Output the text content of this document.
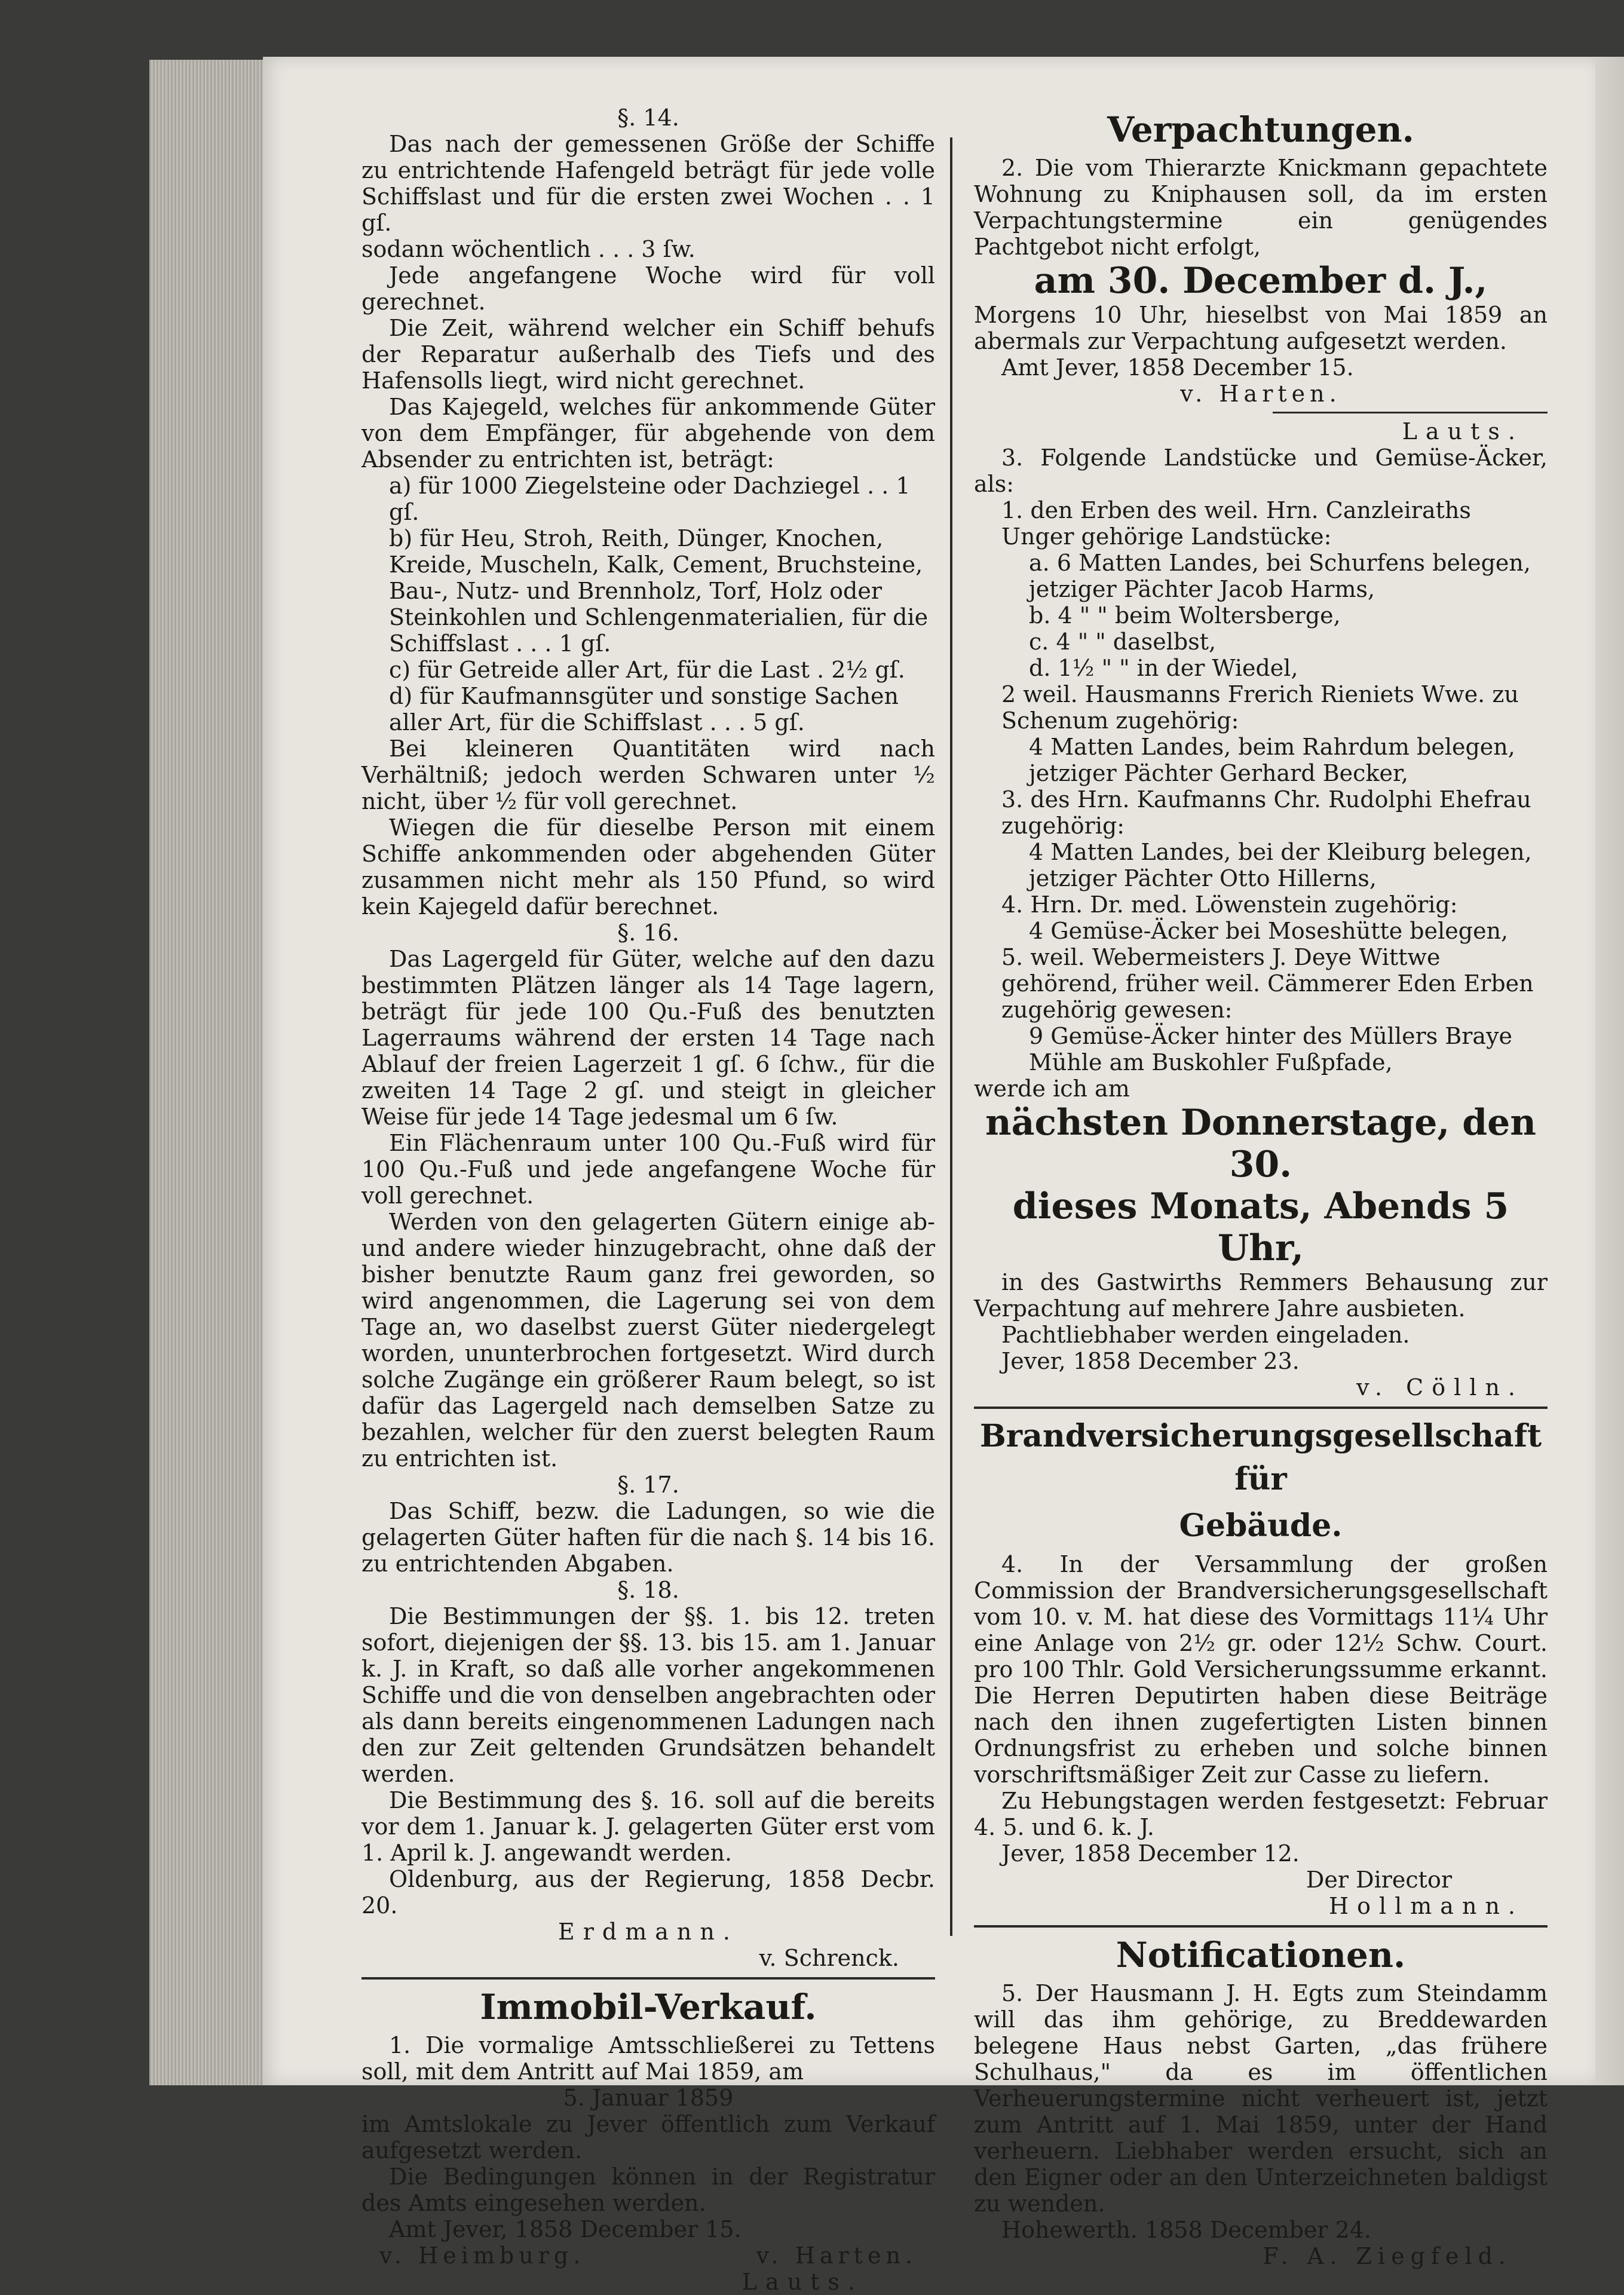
§. 14.

Das nach der gemessenen Größe der Schiffe zu entrichtende Hafengeld beträgt für jede volle Schiffslast und für die ersten zwei Wochen . . 1 gſ.

sodann wöchentlich . . . 3 ſw.

Jede angefangene Woche wird für voll gerechnet.

Die Zeit, während welcher ein Schiff behufs der Reparatur außerhalb des Tiefs und des Hafensolls liegt, wird nicht gerechnet.

Das Kajegeld, welches für ankommende Güter von dem Empfänger, für abgehende von dem Absender zu entrichten ist, beträgt:

a) für 1000 Ziegelsteine oder Dachziegel . . 1 gſ.
b) für Heu, Stroh, Reith, Dünger, Knochen, Kreide, Muscheln, Kalk, Cement, Bruchsteine, Bau-, Nutz- und Brennholz, Torf, Holz oder Steinkohlen und Schlengenmaterialien, für die Schiffslast . . . 1 gſ.
c) für Getreide aller Art, für die Last . 2½ gſ.
d) für Kaufmannsgüter und sonstige Sachen aller Art, für die Schiffslast . . . 5 gſ.

Bei kleineren Quantitäten wird nach Verhältniß; jedoch werden Schwaren unter ½ nicht, über ½ für voll gerechnet.

Wiegen die für dieselbe Person mit einem Schiffe ankommenden oder abgehenden Güter zusammen nicht mehr als 150 Pfund, so wird kein Kajegeld dafür berechnet.

§. 16.

Das Lagergeld für Güter, welche auf den dazu bestimmten Plätzen länger als 14 Tage lagern, beträgt für jede 100 Qu.-Fuß des benutzten Lagerraums während der ersten 14 Tage nach Ablauf der freien Lagerzeit 1 gſ. 6 ſchw., für die zweiten 14 Tage 2 gſ. und steigt in gleicher Weise für jede 14 Tage jedesmal um 6 ſw.

Ein Flächenraum unter 100 Qu.-Fuß wird für 100 Qu.-Fuß und jede angefangene Woche für voll gerechnet.

Werden von den gelagerten Gütern einige ab- und andere wieder hinzugebracht, ohne daß der bisher benutzte Raum ganz frei geworden, so wird angenommen, die Lagerung sei von dem Tage an, wo daselbst zuerst Güter niedergelegt worden, ununterbrochen fortgesetzt. Wird durch solche Zugänge ein größerer Raum belegt, so ist dafür das Lagergeld nach demselben Satze zu bezahlen, welcher für den zuerst belegten Raum zu entrichten ist.

§. 17.

Das Schiff, bezw. die Ladungen, so wie die gelagerten Güter haften für die nach §. 14 bis 16. zu entrichtenden Abgaben.

§. 18.

Die Bestimmungen der §§. 1. bis 12. treten sofort, diejenigen der §§. 13. bis 15. am 1. Januar k. J. in Kraft, so daß alle vorher angekommenen Schiffe und die von denselben angebrachten oder als dann bereits eingenommenen Ladungen nach den zur Zeit geltenden Grundsätzen behandelt werden.

Die Bestimmung des §. 16. soll auf die bereits vor dem 1. Januar k. J. gelagerten Güter erst vom 1. April k. J. angewandt werden.

Oldenburg, aus der Regierung, 1858 Decbr. 20.

Erdmann.

v. Schrenck.

Immobil-Verkauf.

1. Die vormalige Amtsschließerei zu Tettens soll, mit dem Antritt auf Mai 1859, am

5. Januar 1859

im Amtslokale zu Jever öffentlich zum Verkauf aufgesetzt werden.

Die Bedingungen können in der Registratur des Amts eingesehen werden.

Amt Jever, 1858 December 15.

v. Heimburg.	v. Harten.

Lauts.

Verpachtungen.

2. Die vom Thierarzte Knickmann gepachtete Wohnung zu Kniphausen soll, da im ersten Verpachtungstermine ein genügendes Pachtgebot nicht erfolgt,

am 30. December d. J.,

Morgens 10 Uhr, hieselbst von Mai 1859 an abermals zur Verpachtung aufgesetzt werden.

Amt Jever, 1858 December 15.

v. Harten.

Lauts.

3. Folgende Landstücke und Gemüse-Äcker, als:

1. den Erben des weil. Hrn. Canzleiraths Unger gehörige Landstücke:
a. 6 Matten Landes, bei Schurfens belegen, jetziger Pächter Jacob Harms,
b. 4 " " beim Woltersberge,
c. 4 " " daselbst,
d. 1½ " " in der Wiedel,
2 weil. Hausmanns Frerich Rieniets Wwe. zu Schenum zugehörig:
4 Matten Landes, beim Rahrdum belegen, jetziger Pächter Gerhard Becker,
3. des Hrn. Kaufmanns Chr. Rudolphi Ehefrau zugehörig:
4 Matten Landes, bei der Kleiburg belegen, jetziger Pächter Otto Hillerns,
4. Hrn. Dr. med. Löwenstein zugehörig:
4 Gemüse-Äcker bei Moseshütte belegen,
5. weil. Webermeisters J. Deye Wittwe gehörend, früher weil. Cämmerer Eden Erben zugehörig gewesen:
9 Gemüse-Äcker hinter des Müllers Braye Mühle am Buskohler Fußpfade,

werde ich am

nächsten Donnerstage, den 30.

dieses Monats, Abends 5 Uhr,

in des Gastwirths Remmers Behausung zur Verpachtung auf mehrere Jahre ausbieten.

Pachtliebhaber werden eingeladen.

Jever, 1858 December 23.

v. Cölln.

Brandversicherungsgesellschaft für

Gebäude.

4. In der Versammlung der großen Commission der Brandversicherungsgesellschaft vom 10. v. M. hat diese des Vormittags 11¼ Uhr eine Anlage von 2½ gr. oder 12½ Schw. Court. pro 100 Thlr. Gold Versicherungssumme erkannt. Die Herren Deputirten haben diese Beiträge nach den ihnen zugefertigten Listen binnen Ordnungsfrist zu erheben und solche binnen vorschriftsmäßiger Zeit zur Casse zu liefern.

Zu Hebungstagen werden festgesetzt: Februar 4. 5. und 6. k. J.

Jever, 1858 December 12.

Der Director

Hollmann.

Notificationen.

5. Der Hausmann J. H. Egts zum Steindamm will das ihm gehörige, zu Breddewarden belegene Haus nebst Garten, „das frühere Schulhaus," da es im öffentlichen Verheuerungstermine nicht verheuert ist, jetzt zum Antritt auf 1. Mai 1859, unter der Hand verheuern. Liebhaber werden ersucht, sich an den Eigner oder an den Unterzeichneten baldigst zu wenden.

Hohewerth. 1858 December 24.

F. A. Ziegfeld.
